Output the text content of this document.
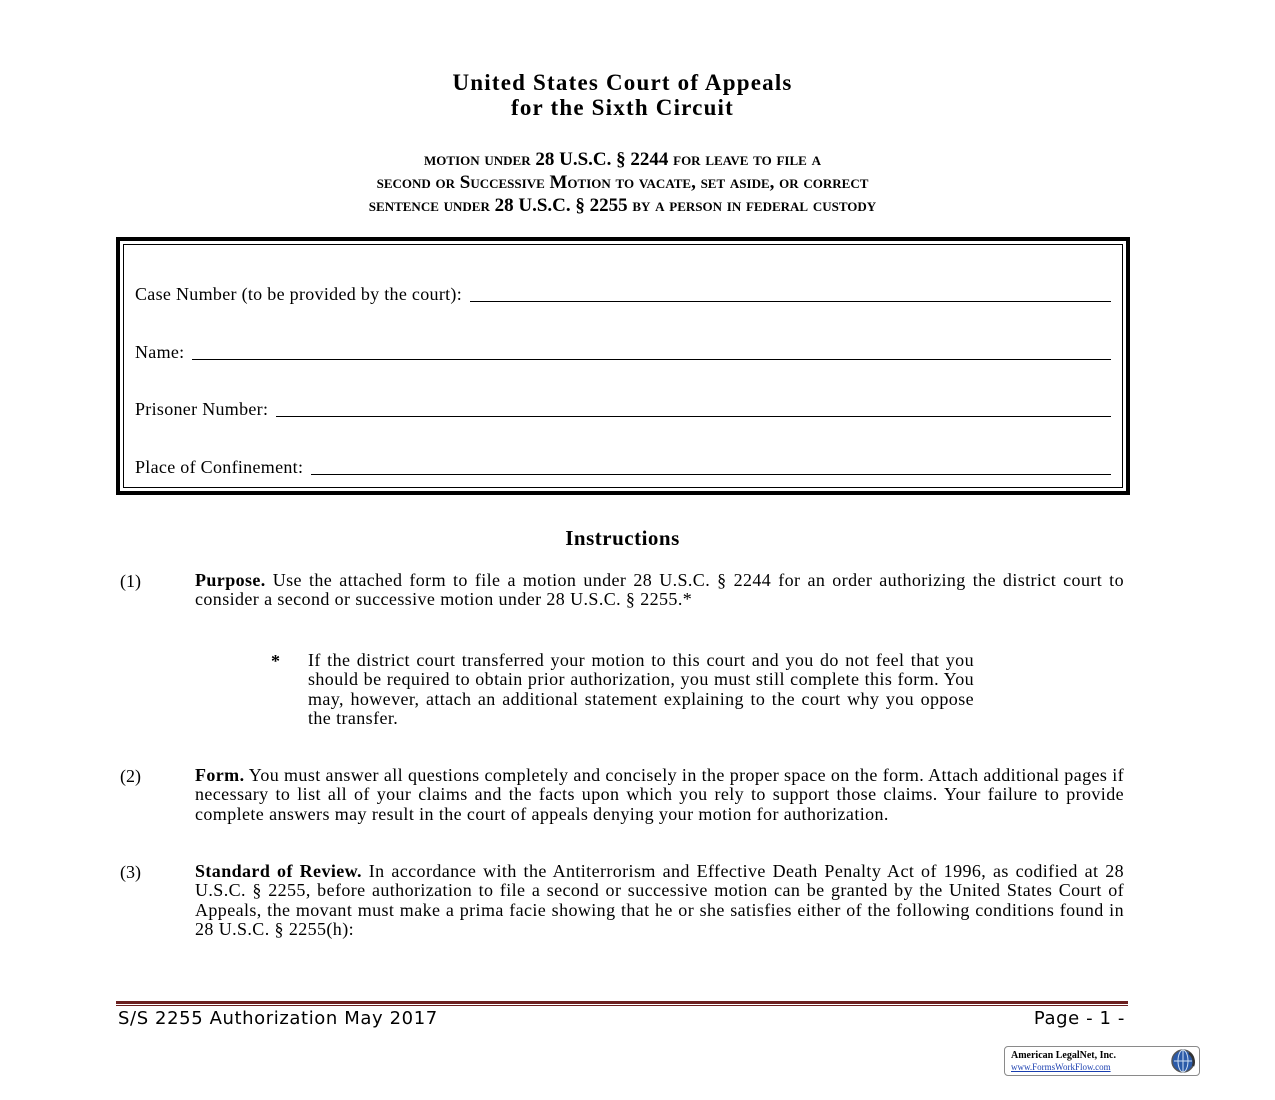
United States Court of Appeals
for the Sixth Circuit
motion under 28 U.S.C. § 2244 for leave to file a
second or Successive Motion to vacate, set aside, or correct
sentence under 28 U.S.C. § 2255 by a person in federal custody
Case Number (to be provided by the court):
Name:
Prisoner Number:
Place of Confinement:
Instructions
(1)	Purpose. Use the attached form to file a motion under 28 U.S.C. § 2244 for an order authorizing the district court to consider a second or successive motion under 28 U.S.C. § 2255.*
* If the district court transferred your motion to this court and you do not feel that you should be required to obtain prior authorization, you must still complete this form. You may, however, attach an additional statement explaining to the court why you oppose the transfer.
(2)	Form. You must answer all questions completely and concisely in the proper space on the form. Attach additional pages if necessary to list all of your claims and the facts upon which you rely to support those claims. Your failure to provide complete answers may result in the court of appeals denying your motion for authorization.
(3)	Standard of Review. In accordance with the Antiterrorism and Effective Death Penalty Act of 1996, as codified at 28 U.S.C. § 2255, before authorization to file a second or successive motion can be granted by the United States Court of Appeals, the movant must make a prima facie showing that he or she satisfies either of the following conditions found in 28 U.S.C. § 2255(h):
S/S 2255 Authorization May 2017	Page - 1 -
American LegalNet, Inc.
www.FormsWorkFlow.com
